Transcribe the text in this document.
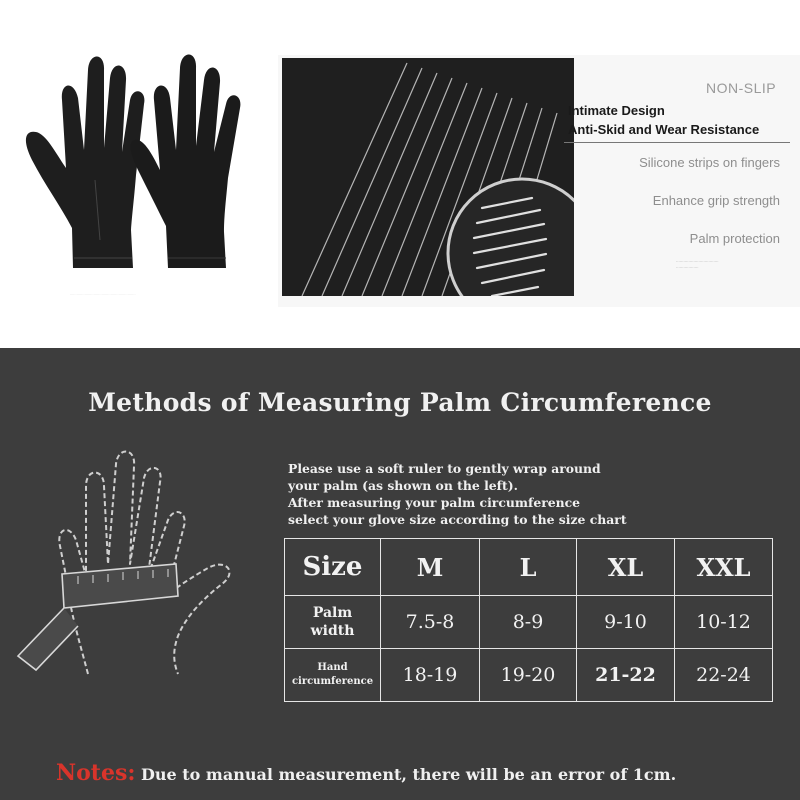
..........................................................
NON-SLIP
Intimate Design
Anti-Skid and Wear Resistance
Silicone strips on fingers
Enhance grip strength
Palm protection
..................................
..................
Methods of Measuring Palm Circumference
Please use a soft ruler to gently wrap around
your palm (as shown on the left).
After measuring your palm circumference
select your glove size according to the size chart
Size	M	L	XL	XXL

Palm
width	7.5-8	8-9	9-10	10-12

Hand
circumference	18-19	19-20	21-22	22-24
Notes: Due to manual measurement, there will be an error of 1cm.
